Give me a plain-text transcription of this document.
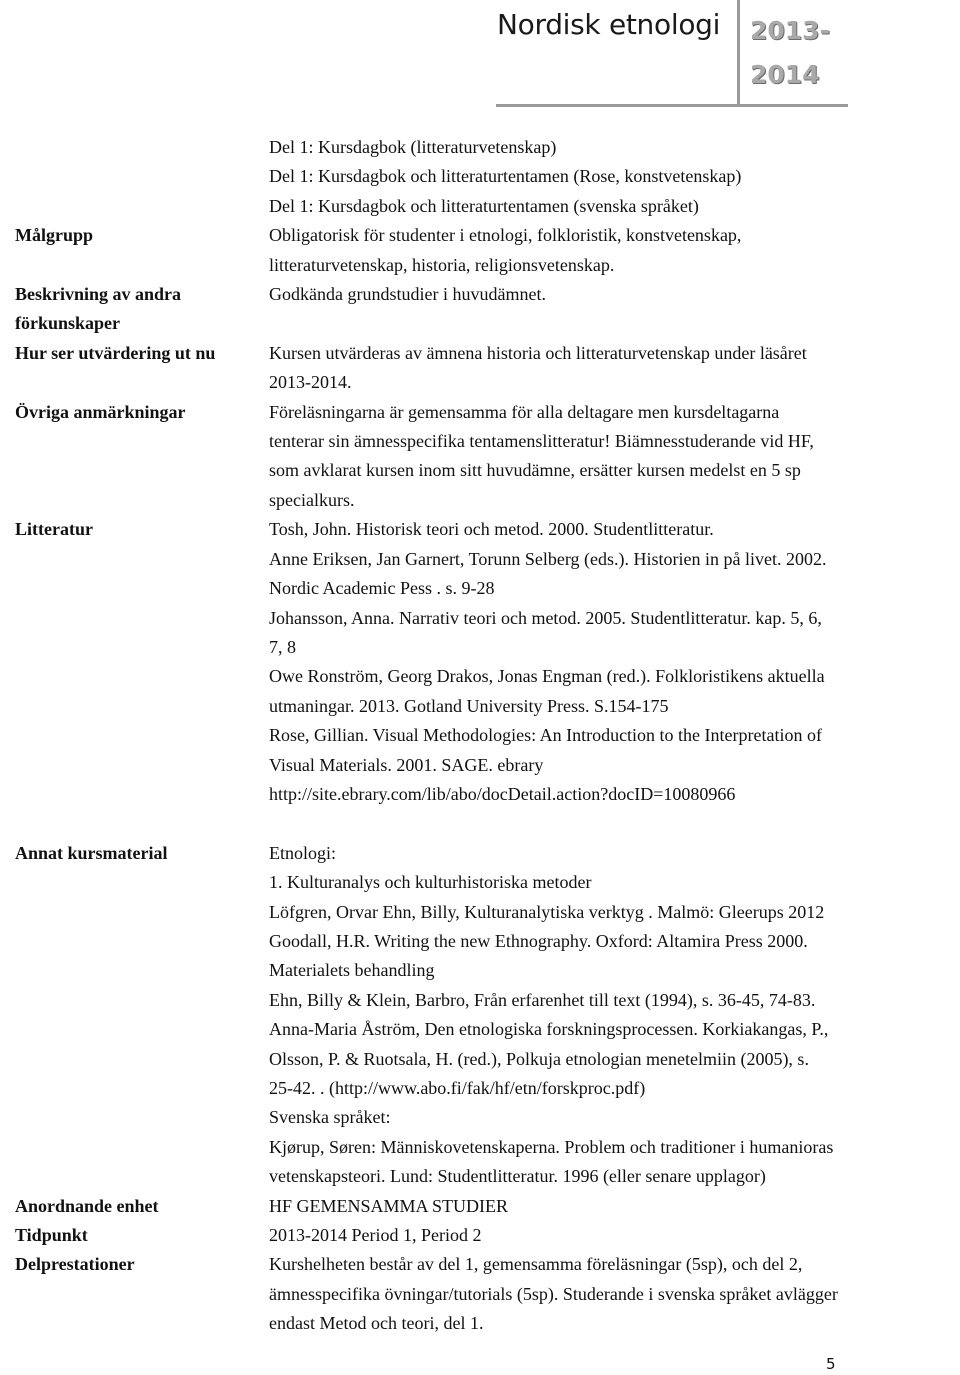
Nordisk etnologi 2013-
2014
Del 1: Kursdagbok (litteraturvetenskap)
Del 1: Kursdagbok och litteraturtentamen (Rose, konstvetenskap)
Del 1: Kursdagbok och litteraturtentamen (svenska språket)
Målgrupp	Obligatorisk för studenter i etnologi, folkloristik, konstvetenskap,
litteraturvetenskap, historia, religionsvetenskap.
Beskrivning av andra	Godkända grundstudier i huvudämnet.
förkunskaper
Hur ser utvärdering ut nu	Kursen utvärderas av ämnena historia och litteraturvetenskap under läsåret
2013-2014.
Övriga anmärkningar	Föreläsningarna är gemensamma för alla deltagare men kursdeltagarna
tenterar sin ämnesspecifika tentamenslitteratur! Biämnesstuderande vid HF,
som avklarat kursen inom sitt huvudämne, ersätter kursen medelst en 5 sp
specialkurs.
Litteratur	Tosh, John. Historisk teori och metod. 2000. Studentlitteratur.
Anne Eriksen, Jan Garnert, Torunn Selberg (eds.). Historien in på livet. 2002.
Nordic Academic Pess . s. 9-28
Johansson, Anna. Narrativ teori och metod. 2005. Studentlitteratur. kap. 5, 6,
7, 8
Owe Ronström, Georg Drakos, Jonas Engman (red.). Folkloristikens aktuella
utmaningar. 2013. Gotland University Press. S.154-175
Rose, Gillian. Visual Methodologies: An Introduction to the Interpretation of
Visual Materials. 2001. SAGE. ebrary
http://site.ebrary.com/lib/abo/docDetail.action?docID=10080966
Annat kursmaterial	Etnologi:
1. Kulturanalys och kulturhistoriska metoder
Löfgren, Orvar Ehn, Billy, Kulturanalytiska verktyg . Malmö: Gleerups 2012
Goodall, H.R. Writing the new Ethnography. Oxford: Altamira Press 2000.
Materialets behandling
Ehn, Billy & Klein, Barbro, Från erfarenhet till text (1994), s. 36-45, 74-83.
Anna-Maria Åström, Den etnologiska forskningsprocessen. Korkiakangas, P.,
Olsson, P. & Ruotsala, H. (red.), Polkuja etnologian menetelmiin (2005), s.
25-42. . (http://www.abo.fi/fak/hf/etn/forskproc.pdf)
Svenska språket:
Kjørup, Søren: Människovetenskaperna. Problem och traditioner i humanioras
vetenskapsteori. Lund: Studentlitteratur. 1996 (eller senare upplagor)
Anordnande enhet	HF GEMENSAMMA STUDIER
Tidpunkt	2013-2014 Period 1, Period 2
Delprestationer	Kurshelheten består av del 1, gemensamma föreläsningar (5sp), och del 2,
ämnesspecifika övningar/tutorials (5sp). Studerande i svenska språket avlägger
endast Metod och teori, del 1.
5
